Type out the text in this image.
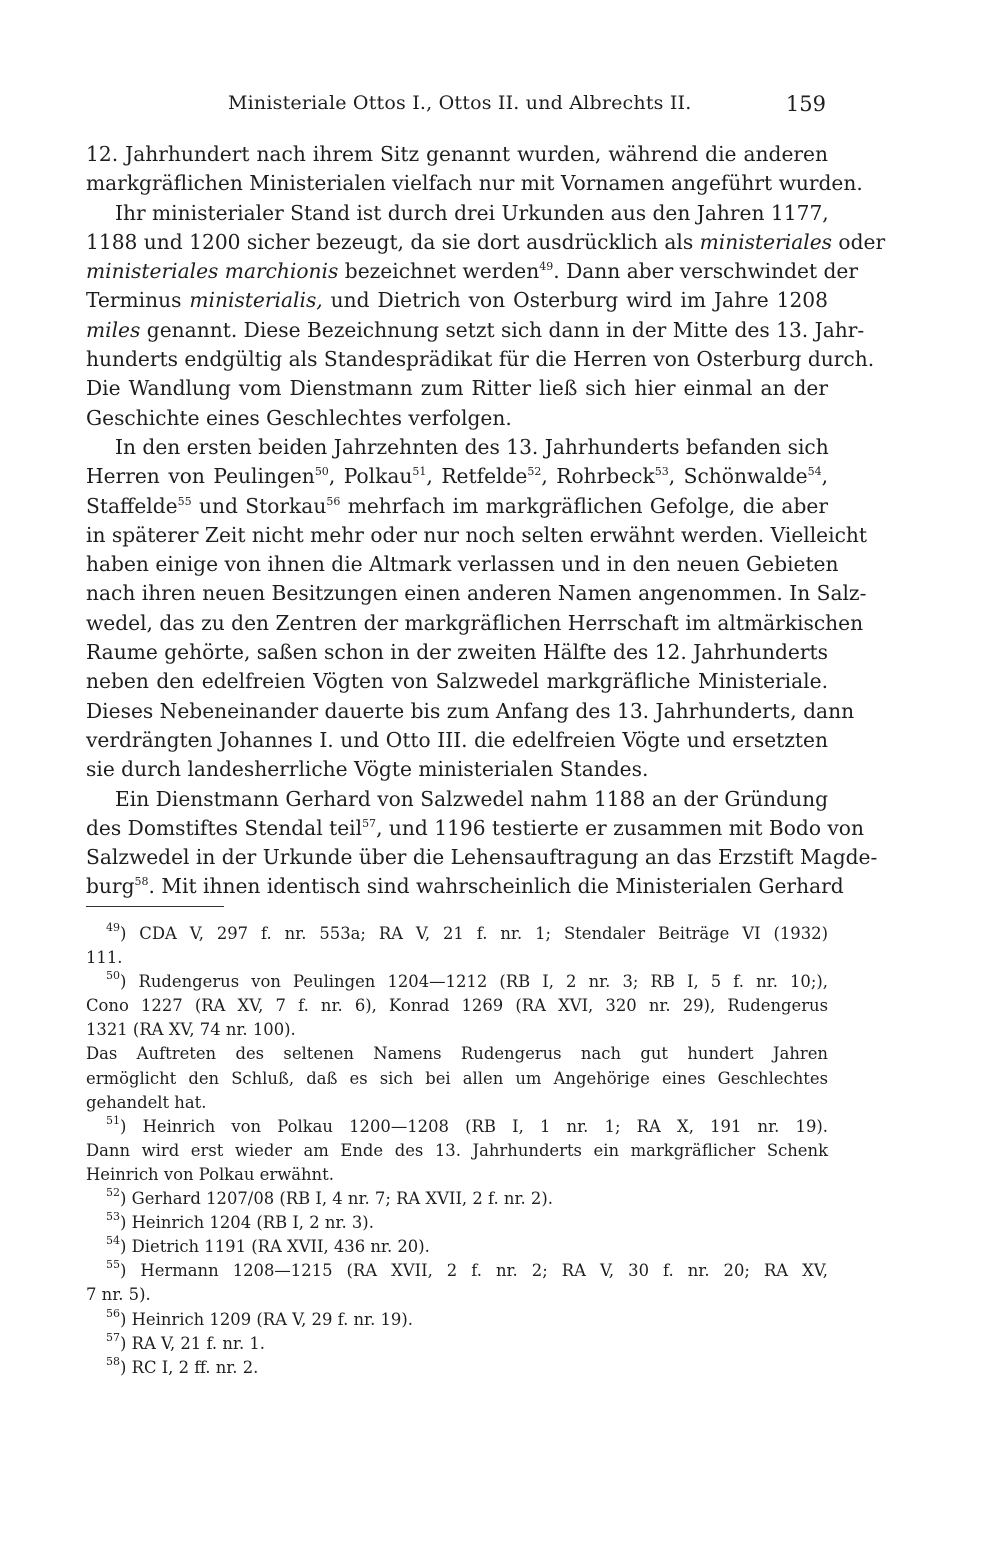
Ministeriale Ottos I., Ottos II. und Albrechts II.	159
12. Jahrhundert nach ihrem Sitz genannt wurden, während die anderen
markgräflichen Ministerialen vielfach nur mit Vornamen angeführt wurden.
Ihr ministerialer Stand ist durch drei Urkunden aus den Jahren 1177,
1188 und 1200 sicher bezeugt, da sie dort ausdrücklich als ministeriales oder
ministeriales marchionis bezeichnet werden$^{49}$. Dann aber verschwindet der
Terminus ministerialis, und Dietrich von Osterburg wird im Jahre 1208
miles genannt. Diese Bezeichnung setzt sich dann in der Mitte des 13. Jahr-
hunderts endgültig als Standesprädikat für die Herren von Osterburg durch.
Die Wandlung vom Dienstmann zum Ritter ließ sich hier einmal an der
Geschichte eines Geschlechtes verfolgen.
In den ersten beiden Jahrzehnten des 13. Jahrhunderts befanden sich
Herren von Peulingen$^{50}$, Polkau$^{51}$, Retfelde$^{52}$, Rohrbeck$^{53}$, Schönwalde$^{54}$,
Staffelde$^{55}$ und Storkau$^{56}$ mehrfach im markgräflichen Gefolge, die aber
in späterer Zeit nicht mehr oder nur noch selten erwähnt werden. Vielleicht
haben einige von ihnen die Altmark verlassen und in den neuen Gebieten
nach ihren neuen Besitzungen einen anderen Namen angenommen. In Salz-
wedel, das zu den Zentren der markgräflichen Herrschaft im altmärkischen
Raume gehörte, saßen schon in der zweiten Hälfte des 12. Jahrhunderts
neben den edelfreien Vögten von Salzwedel markgräfliche Ministeriale.
Dieses Nebeneinander dauerte bis zum Anfang des 13. Jahrhunderts, dann
verdrängten Johannes I. und Otto III. die edelfreien Vögte und ersetzten
sie durch landesherrliche Vögte ministerialen Standes.
Ein Dienstmann Gerhard von Salzwedel nahm 1188 an der Gründung
des Domstiftes Stendal teil$^{57}$, und 1196 testierte er zusammen mit Bodo von
Salzwedel in der Urkunde über die Lehensauftragung an das Erzstift Magde-
burg$^{58}$. Mit ihnen identisch sind wahrscheinlich die Ministerialen Gerhard
$^{49}$) CDA V, 297 f. nr. 553a; RA V, 21 f. nr. 1; Stendaler Beiträge VI (1932)
111.
$^{50}$) Rudengerus von Peulingen 1204—1212 (RB I, 2 nr. 3; RB I, 5 f. nr. 10;),
Cono 1227 (RA XV, 7 f. nr. 6), Konrad 1269 (RA XVI, 320 nr. 29), Rudengerus
1321 (RA XV, 74 nr. 100).
Das Auftreten des seltenen Namens Rudengerus nach gut hundert Jahren
ermöglicht den Schluß, daß es sich bei allen um Angehörige eines Geschlechtes
gehandelt hat.
$^{51}$) Heinrich von Polkau 1200—1208 (RB I, 1 nr. 1; RA X, 191 nr. 19).
Dann wird erst wieder am Ende des 13. Jahrhunderts ein markgräflicher Schenk
Heinrich von Polkau erwähnt.
$^{52}$) Gerhard 1207/08 (RB I, 4 nr. 7; RA XVII, 2 f. nr. 2).
$^{53}$) Heinrich 1204 (RB I, 2 nr. 3).
$^{54}$) Dietrich 1191 (RA XVII, 436 nr. 20).
$^{55}$) Hermann 1208—1215 (RA XVII, 2 f. nr. 2; RA V, 30 f. nr. 20; RA XV,
7 nr. 5).
$^{56}$) Heinrich 1209 (RA V, 29 f. nr. 19).
$^{57}$) RA V, 21 f. nr. 1.
$^{58}$) RC I, 2 ff. nr. 2.
